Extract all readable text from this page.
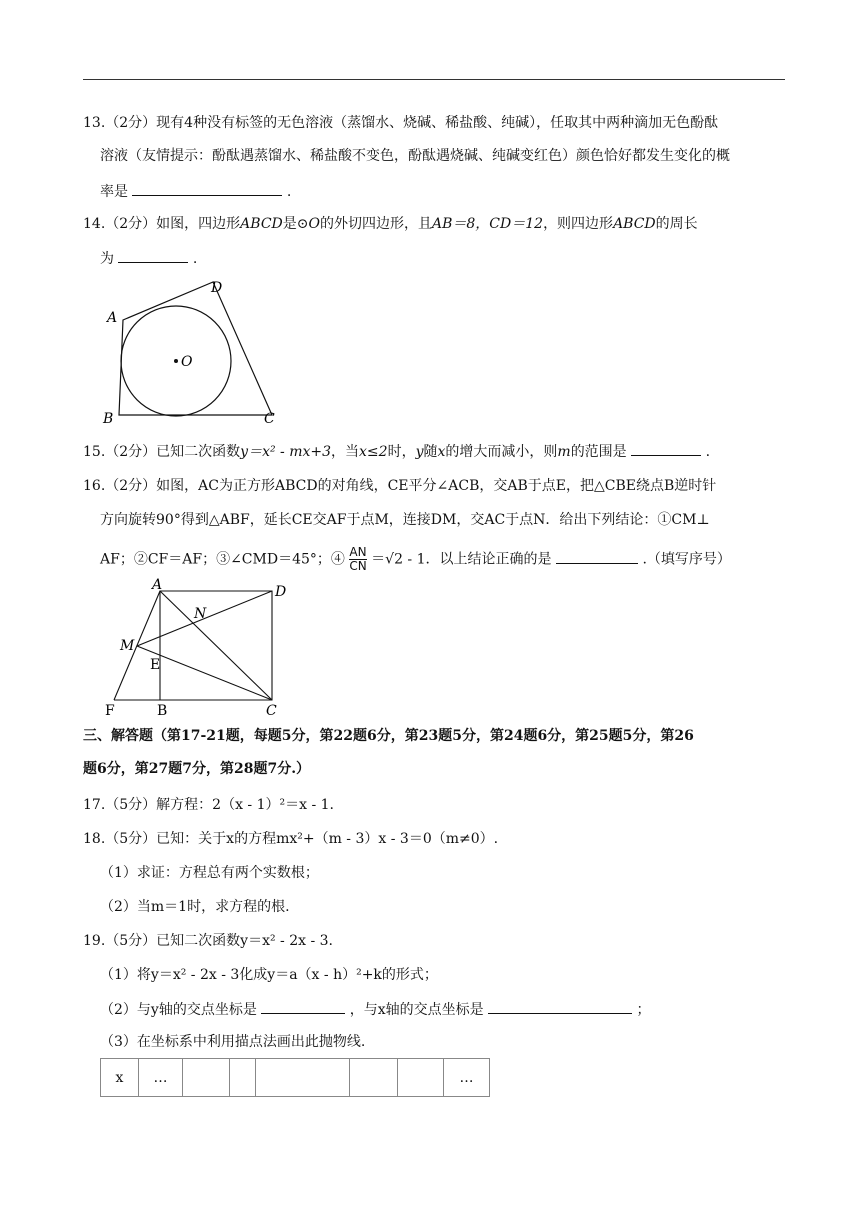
13.（2分）现有4种没有标签的无色溶液（蒸馏水、烧碱、稀盐酸、纯碱），任取其中两种滴加无色酚酞
溶液（友情提示：酚酞遇蒸馏水、稀盐酸不变色，酚酞遇烧碱、纯碱变红色）颜色恰好都发生变化的概
率是	.
14.（2分）如图，四边形ABCD是⊙O的外切四边形，且AB＝8，CD＝12，则四边形ABCD的周长
为	.
A
D
O
B	C
15.（2分）已知二次函数y＝x² - mx+3，当x≤2时，y随x的增大而减小，则m的范围是	.
16.（2分）如图，AC为正方形ABCD的对角线，CE平分∠ACB，交AB于点E，把△CBE绕点B逆时针
方向旋转90°得到△ABF，延长CE交AF于点M，连接DM，交AC于点N．给出下列结论：①CM⊥
AF；②CF＝AF；③∠CMD＝45°；④ $\frac{AN}{CN} =√2 - 1$．以上结论正确的是	.（填写序号）
A	D
N
M
E
F	B	C
三、解答题（第17-21题，每题5分，第22题6分，第23题5分，第24题6分，第25题5分，第26
题6分，第27题7分，第28题7分.）
17.（5分）解方程：2（x - 1）²＝x - 1.
18.（5分）已知：关于x的方程mx²+（m - 3）x - 3＝0（m≠0）.
（1）求证：方程总有两个实数根；
（2）当m＝1时，求方程的根.
19.（5分）已知二次函数y＝x² - 2x - 3.
（1）将y＝x² - 2x - 3化成y＝a（x - h）²+k的形式；
（2）与y轴的交点坐标是	，与x轴的交点坐标是	；
（3）在坐标系中利用描点法画出此抛物线.
x	…						…
